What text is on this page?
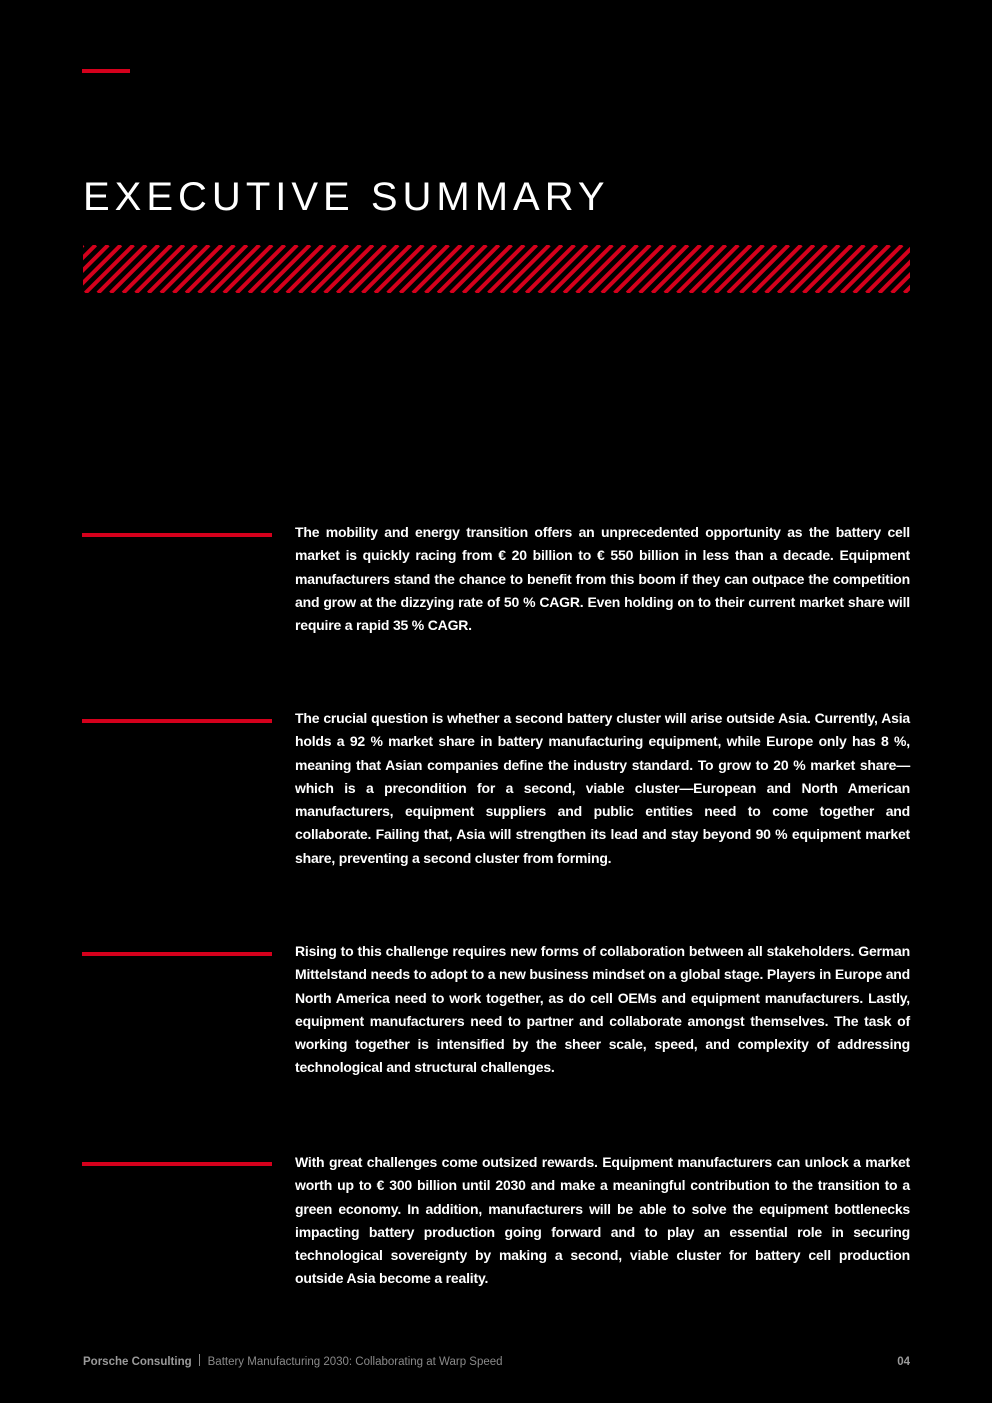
EXECUTIVE SUMMARY

The mobility and energy transition offers an unprecedented opportunity as the battery cell market is quickly racing from € 20 billion to € 550 billion in less than a decade. Equipment manufacturers stand the chance to benefit from this boom if they can outpace the competition and grow at the dizzying rate of 50 % CAGR. Even holding on to their current market share will require a rapid 35 % CAGR.

The crucial question is whether a second battery cluster will arise outside Asia. Currently, Asia holds a 92 % market share in battery manufacturing equipment, while Europe only has 8 %, meaning that Asian companies define the industry standard. To grow to 20 % market share—which is a precondition for a second, viable cluster—European and North American manufacturers, equipment suppliers and public entities need to come together and collaborate. Failing that, Asia will strengthen its lead and stay beyond 90 % equipment market share, preventing a second cluster from forming.

Rising to this challenge requires new forms of collaboration between all stakeholders. German Mittelstand needs to adopt to a new business mindset on a global stage. Players in Europe and North America need to work together, as do cell OEMs and equipment manufacturers. Lastly, equipment manufacturers need to partner and collaborate amongst themselves. The task of working together is intensified by the sheer scale, speed, and complexity of addressing technological and structural challenges.

With great challenges come outsized rewards. Equipment manufacturers can unlock a market worth up to € 300 billion until 2030 and make a meaningful contribution to the transition to a green economy. In addition, manufacturers will be able to solve the equipment bottlenecks impacting battery production going forward and to play an essential role in securing technological sovereignty by making a second, viable cluster for battery cell production outside Asia become a reality.

Porsche Consulting Battery Manufacturing 2030: Collaborating at Warp Speed	04
